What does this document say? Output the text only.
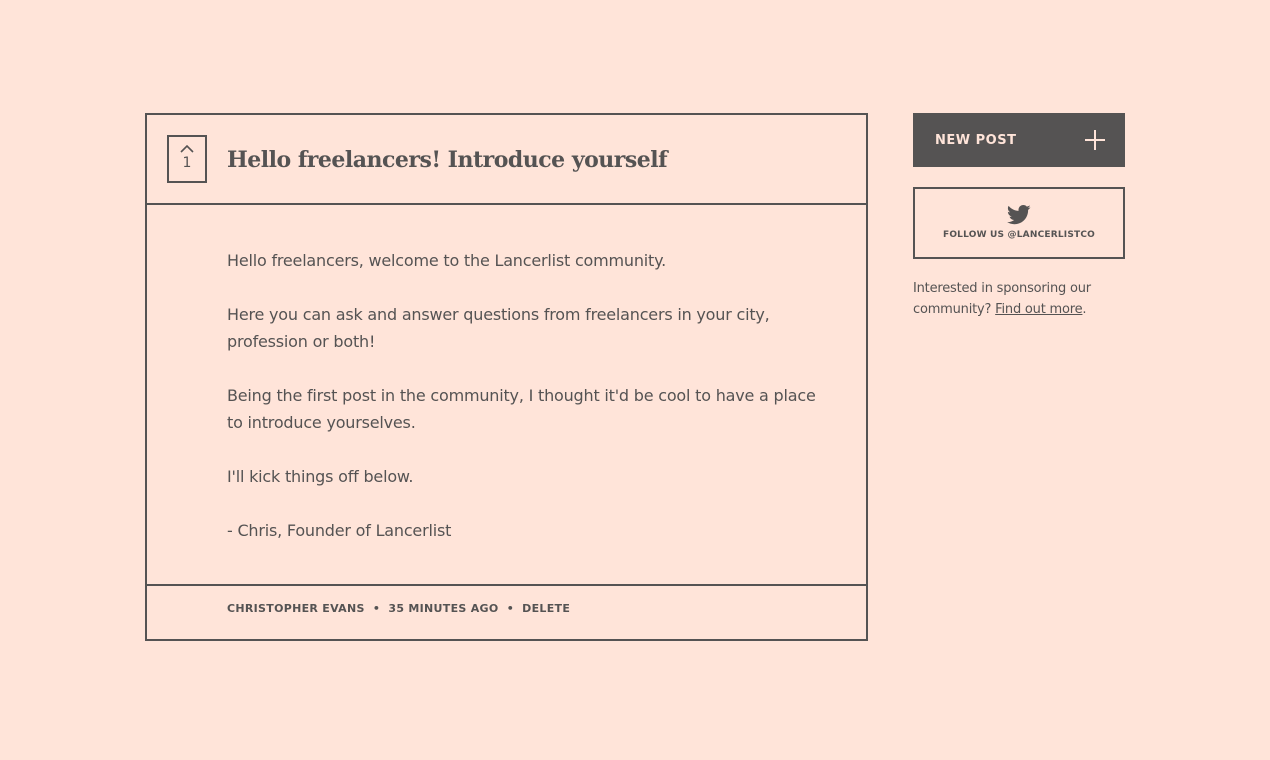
1 Hello freelancers! Introduce yourself

Hello freelancers, welcome to the Lancerlist community.

Here you can ask and answer questions from freelancers in your city, profession or both!

Being the first post in the community, I thought it'd be cool to have a place to introduce yourselves.

I'll kick things off below.

- Chris, Founder of Lancerlist

CHRISTOPHER EVANS • 35 MINUTES AGO • DELETE
NEW POST
FOLLOW US @LANCERLISTCO
Interested in sponsoring our community? Find out more.
